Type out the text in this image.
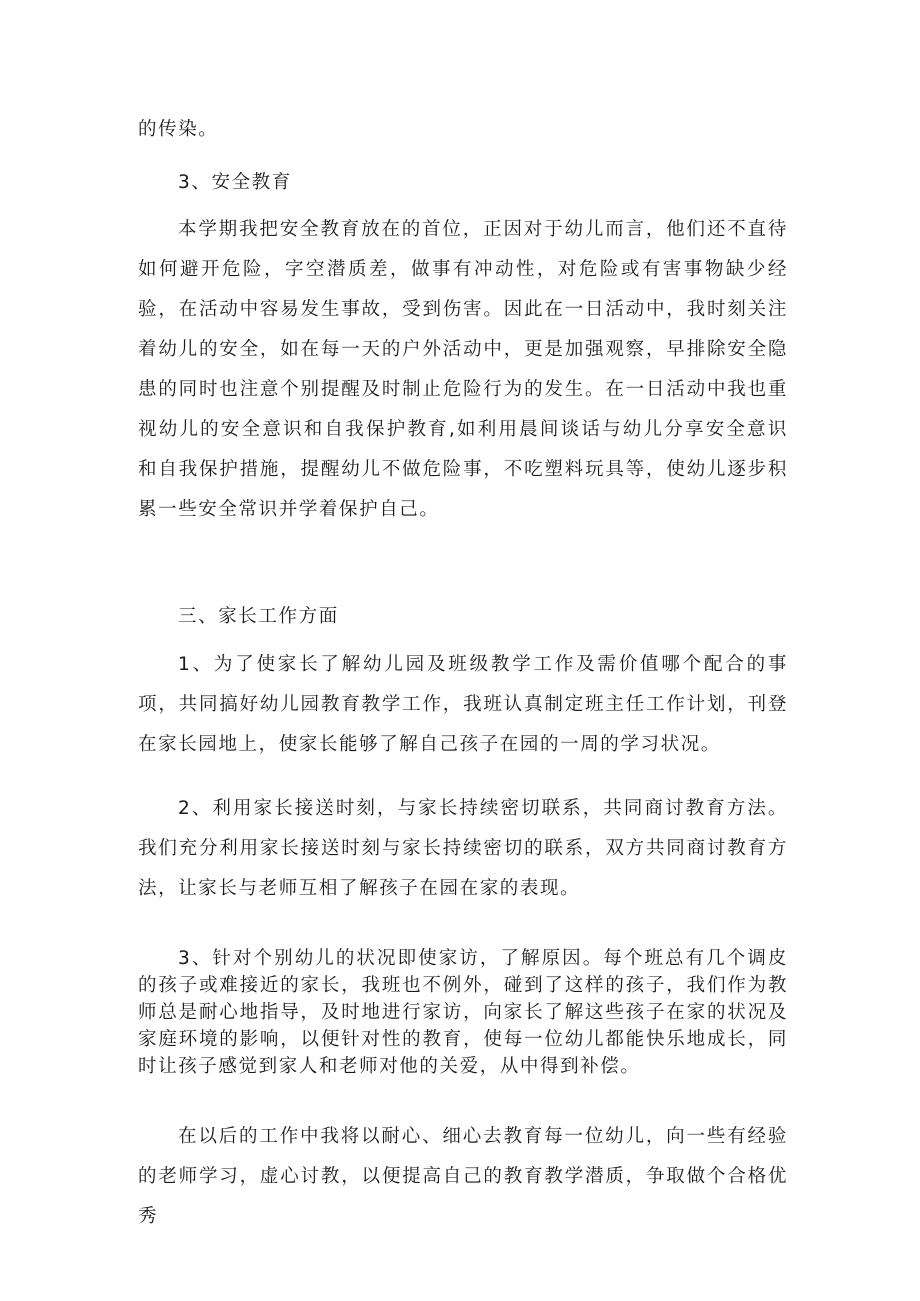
的传染。

3、安全教育

本学期我把安全教育放在的首位，正因对于幼儿而言，他们还不直待如何避开危险，字空潜质差，做事有冲动性，对危险或有害事物缺少经验，在活动中容易发生事故，受到伤害。因此在一日活动中，我时刻关注着幼儿的安全，如在每一天的户外活动中，更是加强观察，早排除安全隐患的同时也注意个别提醒及时制止危险行为的发生。在一日活动中我也重视幼儿的安全意识和自我保护教育,如利用晨间谈话与幼儿分享安全意识和自我保护措施，提醒幼儿不做危险事，不吃塑料玩具等，使幼儿逐步积累一些安全常识并学着保护自己。

三、家长工作方面

1、为了使家长了解幼儿园及班级教学工作及需价值哪个配合的事项，共同搞好幼儿园教育教学工作，我班认真制定班主任工作计划，刊登在家长园地上，使家长能够了解自己孩子在园的一周的学习状况。

2、利用家长接送时刻，与家长持续密切联系，共同商讨教育方法。我们充分利用家长接送时刻与家长持续密切的联系，双方共同商讨教育方法，让家长与老师互相了解孩子在园在家的表现。

3、针对个别幼儿的状况即使家访，了解原因。每个班总有几个调皮的孩子或难接近的家长，我班也不例外，碰到了这样的孩子，我们作为教师总是耐心地指导，及时地进行家访，向家长了解这些孩子在家的状况及家庭环境的影响，以便针对性的教育，使每一位幼儿都能快乐地成长，同时让孩子感觉到家人和老师对他的关爱，从中得到补偿。

在以后的工作中我将以耐心、细心去教育每一位幼儿，向一些有经验的老师学习，虚心讨教，以便提高自己的教育教学潜质，争取做个合格优秀
